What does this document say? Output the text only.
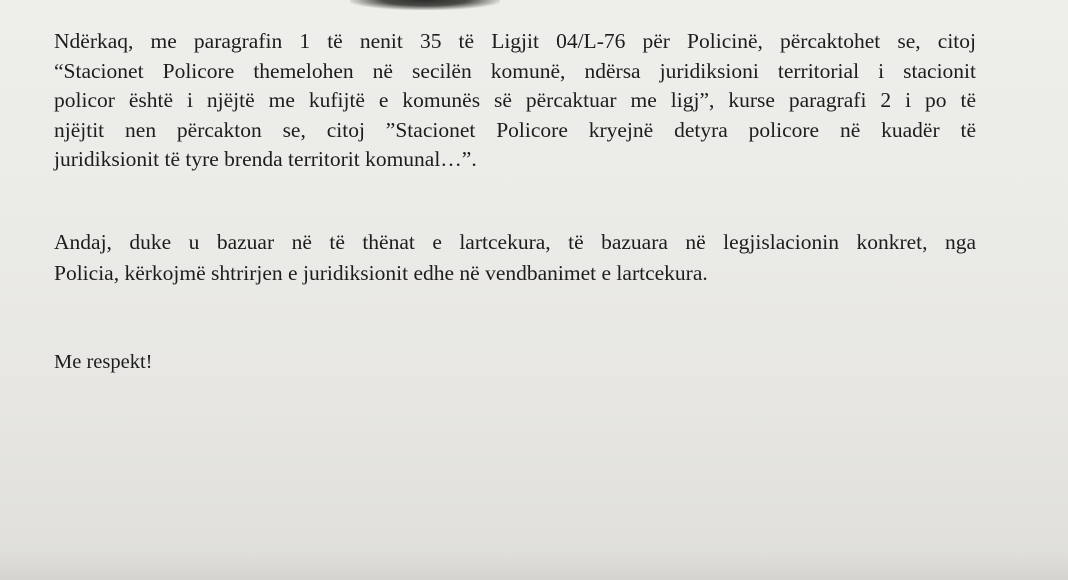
Ndërkaq, me paragrafin 1 të nenit 35 të Ligjit 04/L-76 për Policinë, përcaktohet se, citoj
“Stacionet Policore themelohen në secilën komunë, ndërsa juridiksioni territorial i stacionit
policor është i njëjtë me kufijtë e komunës së përcaktuar me ligj”, kurse paragrafi 2 i po të
njëjtit nen përcakton se, citoj ”Stacionet Policore kryejnë detyra policore në kuadër të
juridiksionit të tyre brenda territorit komunal…”.

Andaj, duke u bazuar në të thënat e lartcekura, të bazuara në legjislacionin konkret, nga
Policia, kërkojmë shtrirjen e juridiksionit edhe në vendbanimet e lartcekura.

Me respekt!
